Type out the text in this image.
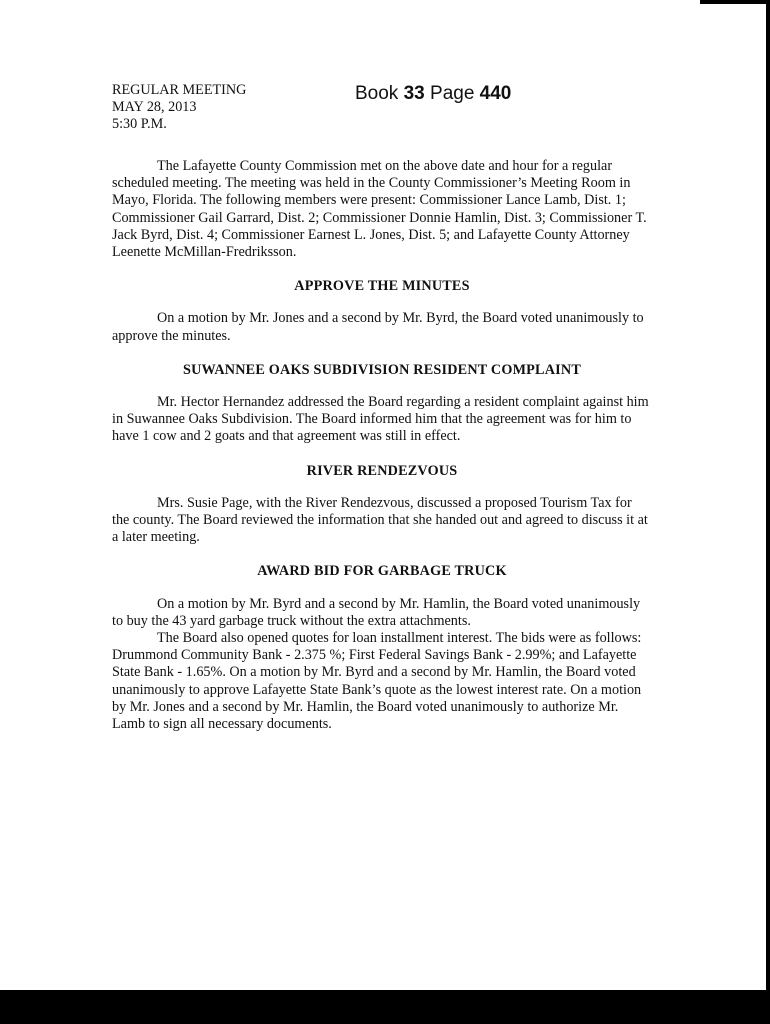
REGULAR MEETING
MAY 28, 2013
5:30 P.M.
Book 33 Page 440

The Lafayette County Commission met on the above date and hour for a regular scheduled meeting. The meeting was held in the County Commissioner’s Meeting Room in Mayo, Florida. The following members were present: Commissioner Lance Lamb, Dist. 1; Commissioner Gail Garrard, Dist. 2; Commissioner Donnie Hamlin, Dist. 3; Commissioner T. Jack Byrd, Dist. 4; Commissioner Earnest L. Jones, Dist. 5; and Lafayette County Attorney Leenette McMillan-Fredriksson.

APPROVE THE MINUTES

On a motion by Mr. Jones and a second by Mr. Byrd, the Board voted unanimously to approve the minutes.

SUWANNEE OAKS SUBDIVISION RESIDENT COMPLAINT

Mr. Hector Hernandez addressed the Board regarding a resident complaint against him in Suwannee Oaks Subdivision. The Board informed him that the agreement was for him to have 1 cow and 2 goats and that agreement was still in effect.

RIVER RENDEZVOUS

Mrs. Susie Page, with the River Rendezvous, discussed a proposed Tourism Tax for the county. The Board reviewed the information that she handed out and agreed to discuss it at a later meeting.

AWARD BID FOR GARBAGE TRUCK

On a motion by Mr. Byrd and a second by Mr. Hamlin, the Board voted unanimously to buy the 43 yard garbage truck without the extra attachments.

The Board also opened quotes for loan installment interest. The bids were as follows: Drummond Community Bank - 2.375 %; First Federal Savings Bank - 2.99%; and Lafayette State Bank - 1.65%. On a motion by Mr. Byrd and a second by Mr. Hamlin, the Board voted unanimously to approve Lafayette State Bank’s quote as the lowest interest rate. On a motion by Mr. Jones and a second by Mr. Hamlin, the Board voted unanimously to authorize Mr. Lamb to sign all necessary documents.
